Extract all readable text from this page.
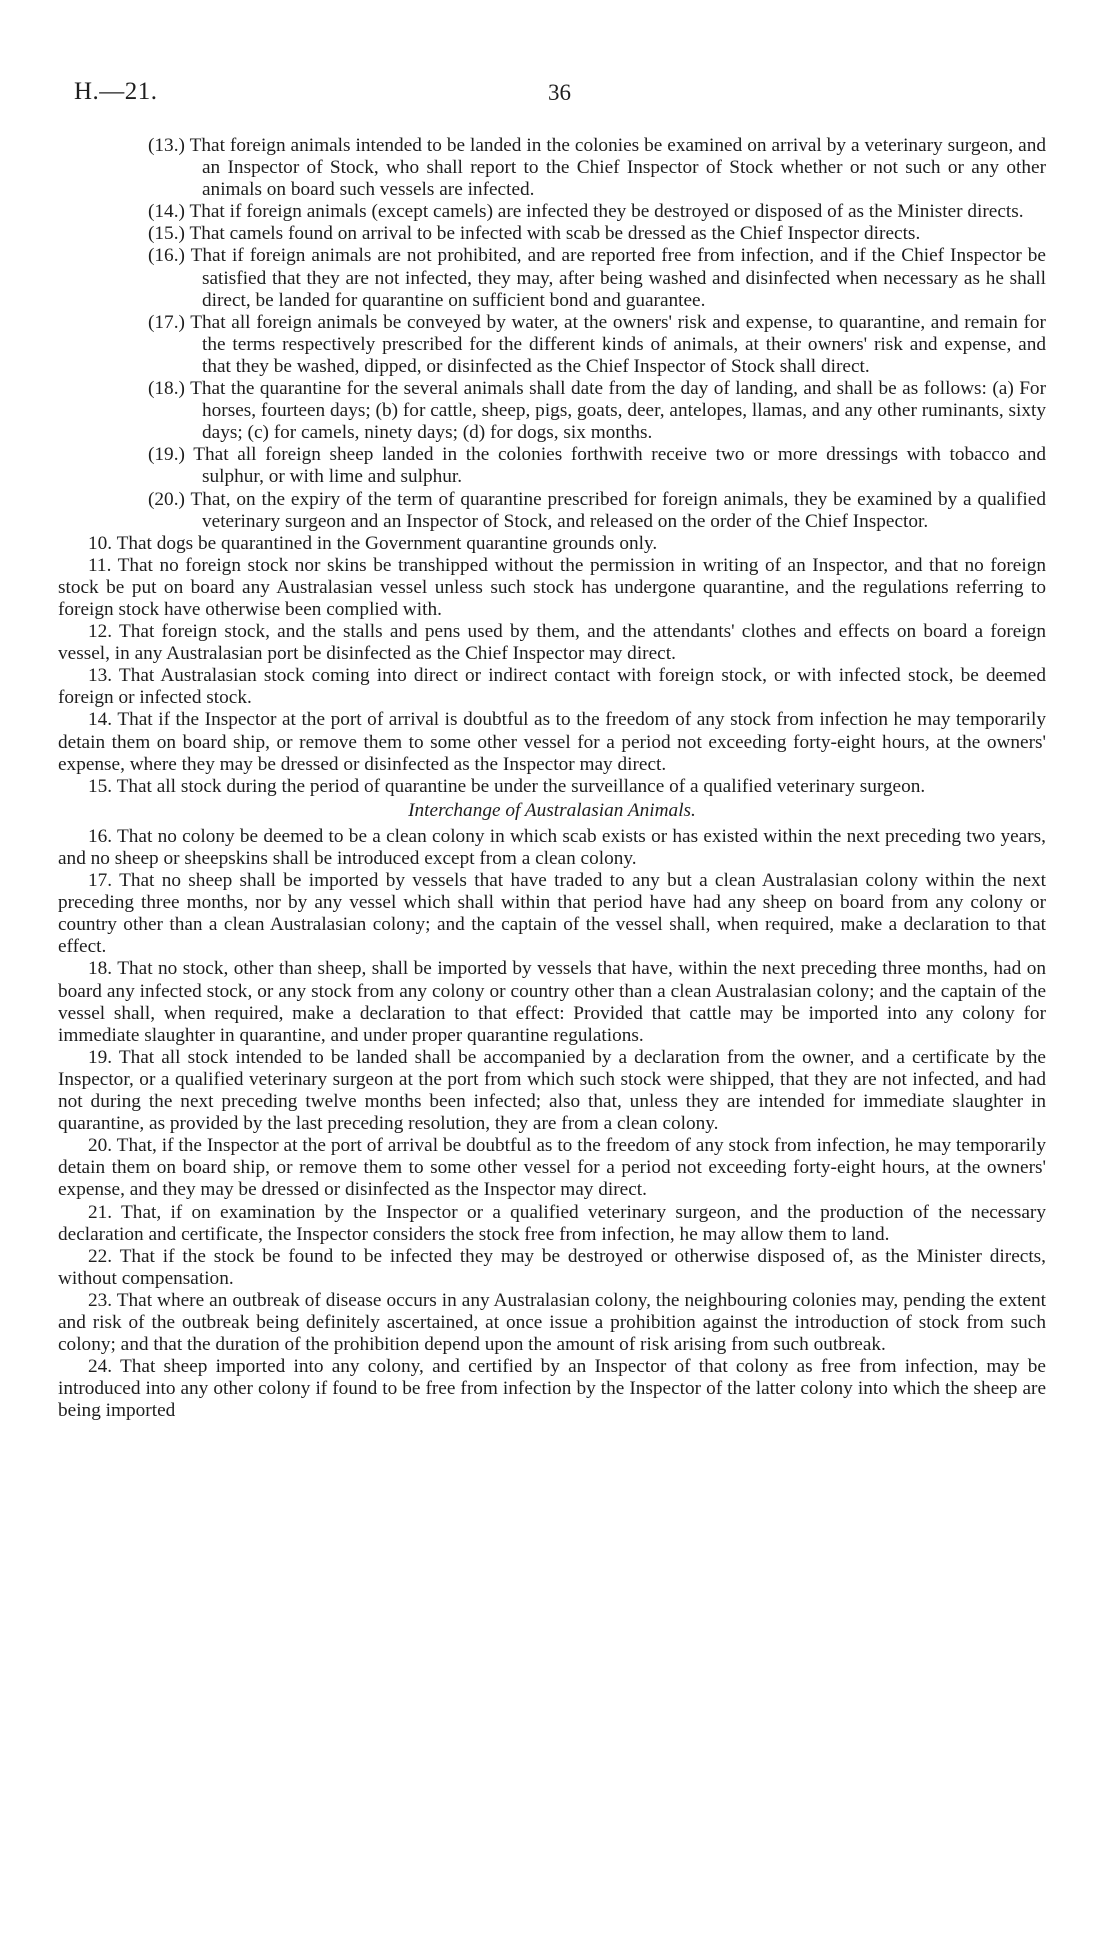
H.—21.	36
(13.) That foreign animals intended to be landed in the colonies be examined on arrival by a veterinary surgeon, and an Inspector of Stock, who shall report to the Chief Inspector of Stock whether or not such or any other animals on board such vessels are infected.
(14.) That if foreign animals (except camels) are infected they be destroyed or disposed of as the Minister directs.
(15.) That camels found on arrival to be infected with scab be dressed as the Chief Inspector directs.
(16.) That if foreign animals are not prohibited, and are reported free from infection, and if the Chief Inspector be satisfied that they are not infected, they may, after being washed and disinfected when necessary as he shall direct, be landed for quarantine on sufficient bond and guarantee.
(17.) That all foreign animals be conveyed by water, at the owners' risk and expense, to quarantine, and remain for the terms respectively prescribed for the different kinds of animals, at their owners' risk and expense, and that they be washed, dipped, or disinfected as the Chief Inspector of Stock shall direct.
(18.) That the quarantine for the several animals shall date from the day of landing, and shall be as follows: (a) For horses, fourteen days; (b) for cattle, sheep, pigs, goats, deer, antelopes, llamas, and any other ruminants, sixty days; (c) for camels, ninety days; (d) for dogs, six months.
(19.) That all foreign sheep landed in the colonies forthwith receive two or more dressings with tobacco and sulphur, or with lime and sulphur.
(20.) That, on the expiry of the term of quarantine prescribed for foreign animals, they be examined by a qualified veterinary surgeon and an Inspector of Stock, and released on the order of the Chief Inspector.
10. That dogs be quarantined in the Government quarantine grounds only.
11. That no foreign stock nor skins be transhipped without the permission in writing of an Inspector, and that no foreign stock be put on board any Australasian vessel unless such stock has undergone quarantine, and the regulations referring to foreign stock have otherwise been complied with.
12. That foreign stock, and the stalls and pens used by them, and the attendants' clothes and effects on board a foreign vessel, in any Australasian port be disinfected as the Chief Inspector may direct.
13. That Australasian stock coming into direct or indirect contact with foreign stock, or with infected stock, be deemed foreign or infected stock.
14. That if the Inspector at the port of arrival is doubtful as to the freedom of any stock from infection he may temporarily detain them on board ship, or remove them to some other vessel for a period not exceeding forty-eight hours, at the owners' expense, where they may be dressed or disinfected as the Inspector may direct.
15. That all stock during the period of quarantine be under the surveillance of a qualified veterinary surgeon.
Interchange of Australasian Animals.
16. That no colony be deemed to be a clean colony in which scab exists or has existed within the next preceding two years, and no sheep or sheepskins shall be introduced except from a clean colony.
17. That no sheep shall be imported by vessels that have traded to any but a clean Australasian colony within the next preceding three months, nor by any vessel which shall within that period have had any sheep on board from any colony or country other than a clean Australasian colony; and the captain of the vessel shall, when required, make a declaration to that effect.
18. That no stock, other than sheep, shall be imported by vessels that have, within the next preceding three months, had on board any infected stock, or any stock from any colony or country other than a clean Australasian colony; and the captain of the vessel shall, when required, make a declaration to that effect: Provided that cattle may be imported into any colony for immediate slaughter in quarantine, and under proper quarantine regulations.
19. That all stock intended to be landed shall be accompanied by a declaration from the owner, and a certificate by the Inspector, or a qualified veterinary surgeon at the port from which such stock were shipped, that they are not infected, and had not during the next preceding twelve months been infected; also that, unless they are intended for immediate slaughter in quarantine, as provided by the last preceding resolution, they are from a clean colony.
20. That, if the Inspector at the port of arrival be doubtful as to the freedom of any stock from infection, he may temporarily detain them on board ship, or remove them to some other vessel for a period not exceeding forty-eight hours, at the owners' expense, and they may be dressed or disinfected as the Inspector may direct.
21. That, if on examination by the Inspector or a qualified veterinary surgeon, and the production of the necessary declaration and certificate, the Inspector considers the stock free from infection, he may allow them to land.
22. That if the stock be found to be infected they may be destroyed or otherwise disposed of, as the Minister directs, without compensation.
23. That where an outbreak of disease occurs in any Australasian colony, the neighbouring colonies may, pending the extent and risk of the outbreak being definitely ascertained, at once issue a prohibition against the introduction of stock from such colony; and that the duration of the prohibition depend upon the amount of risk arising from such outbreak.
24. That sheep imported into any colony, and certified by an Inspector of that colony as free from infection, may be introduced into any other colony if found to be free from infection by the Inspector of the latter colony into which the sheep are being imported
